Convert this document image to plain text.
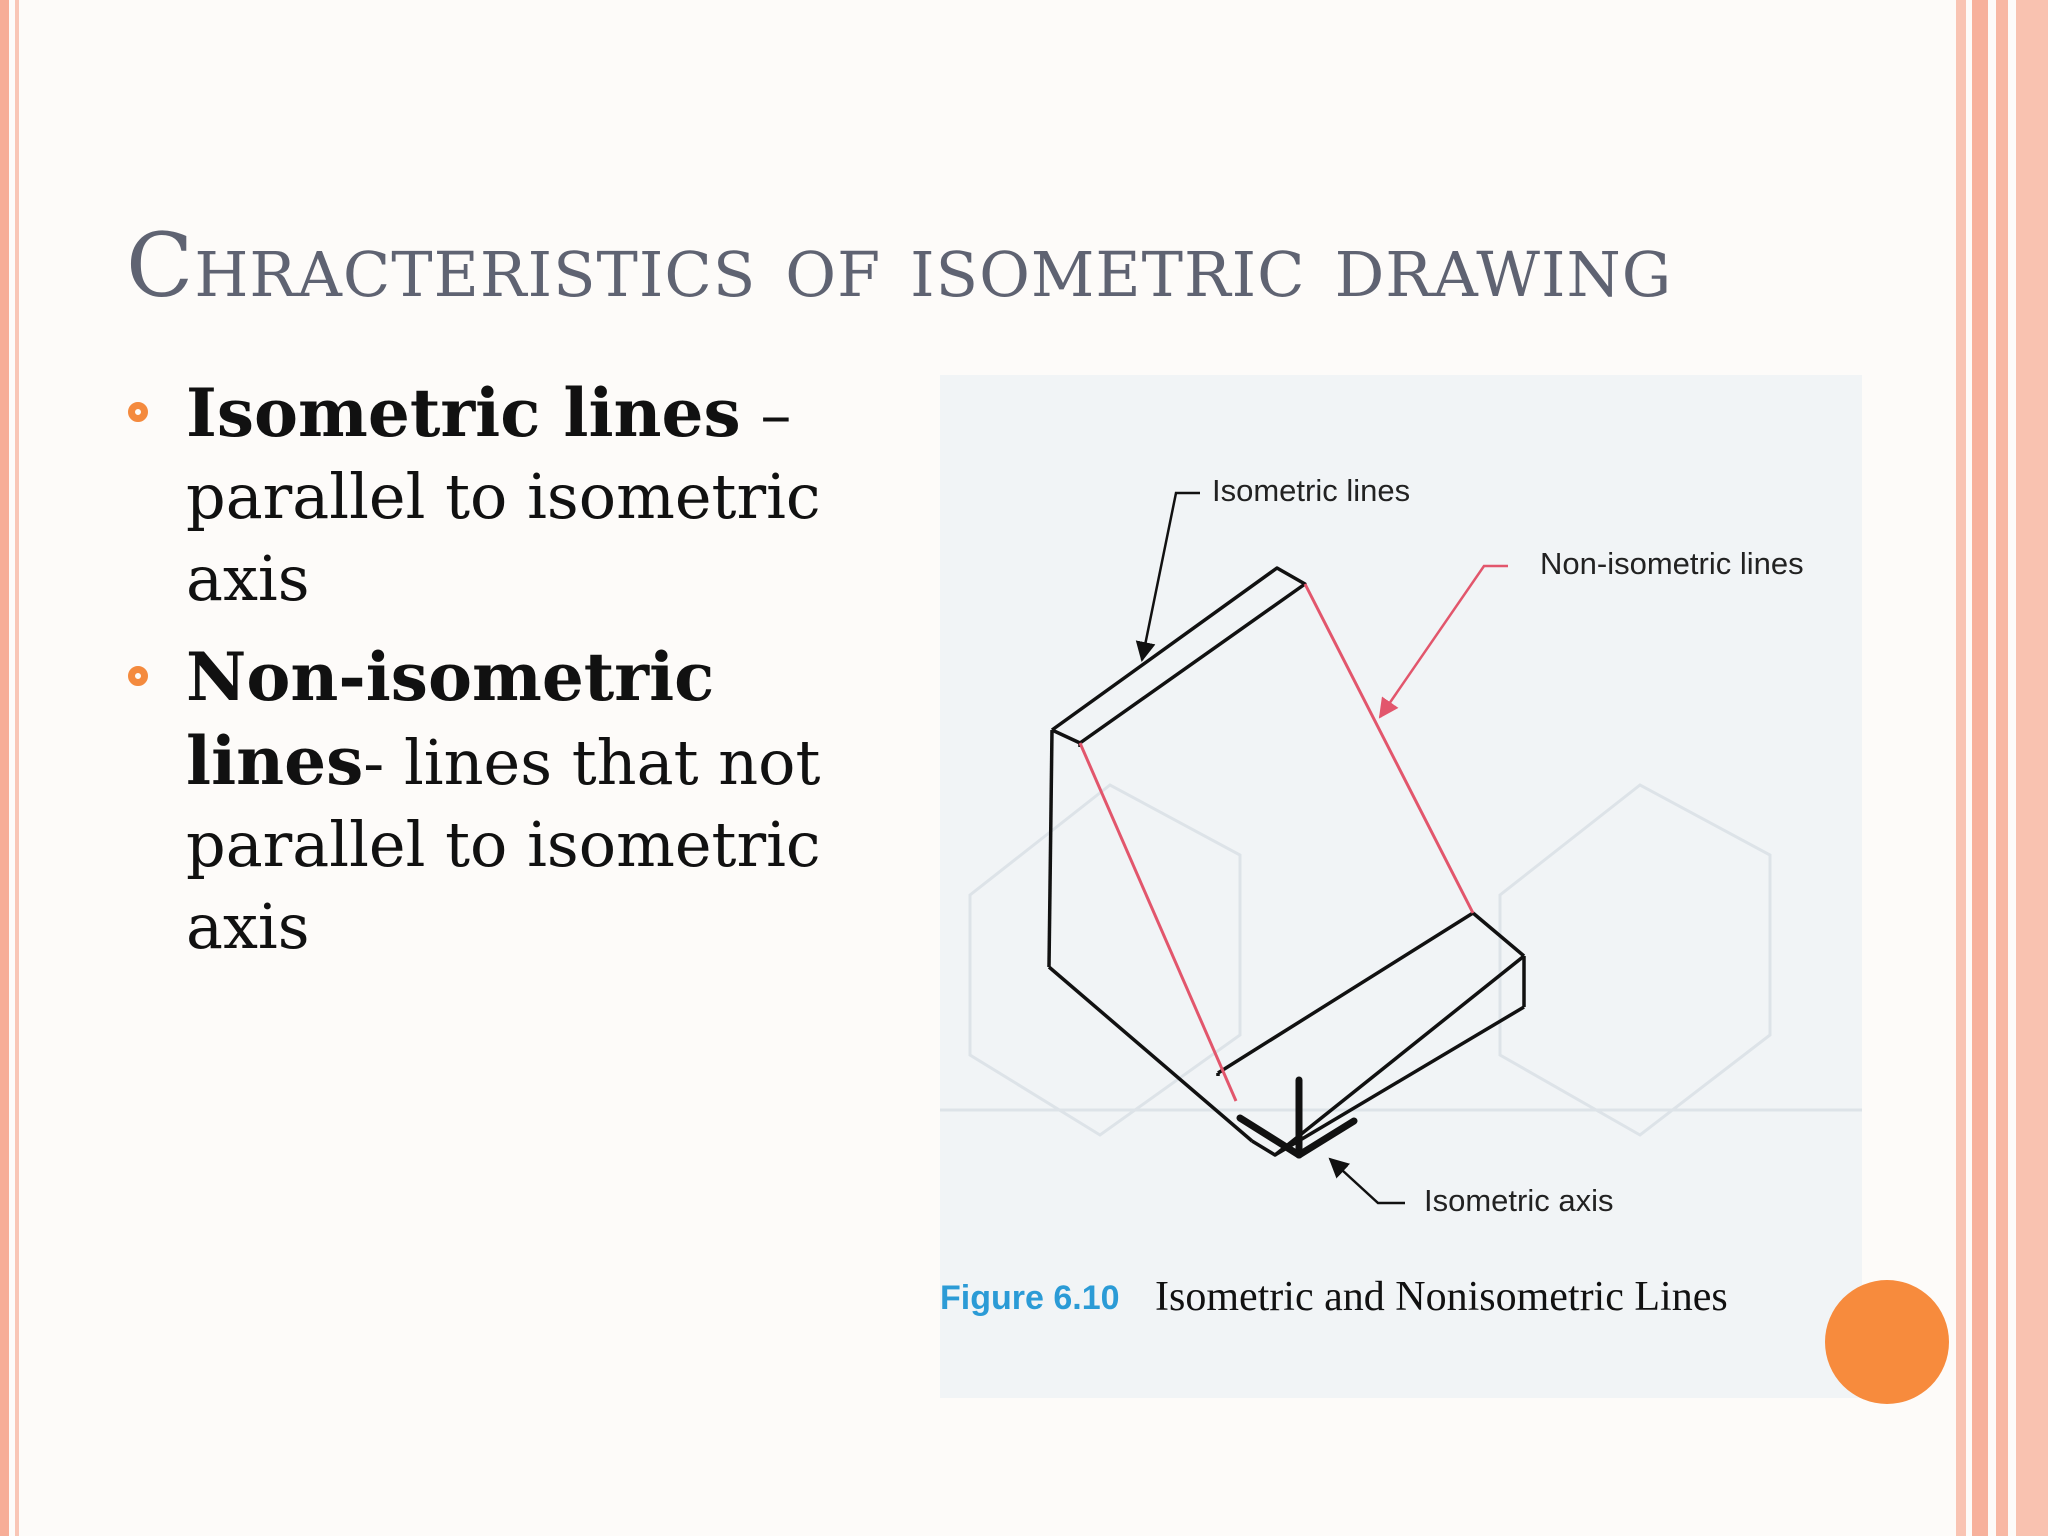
Chracteristics of isometric drawing
Isometric lines – parallel to isometric axis
Non-isometric lines- lines that not parallel to isometric axis
Isometric lines
Non-isometric lines
Isometric axis
Figure 6.10 Isometric and Nonisometric Lines
